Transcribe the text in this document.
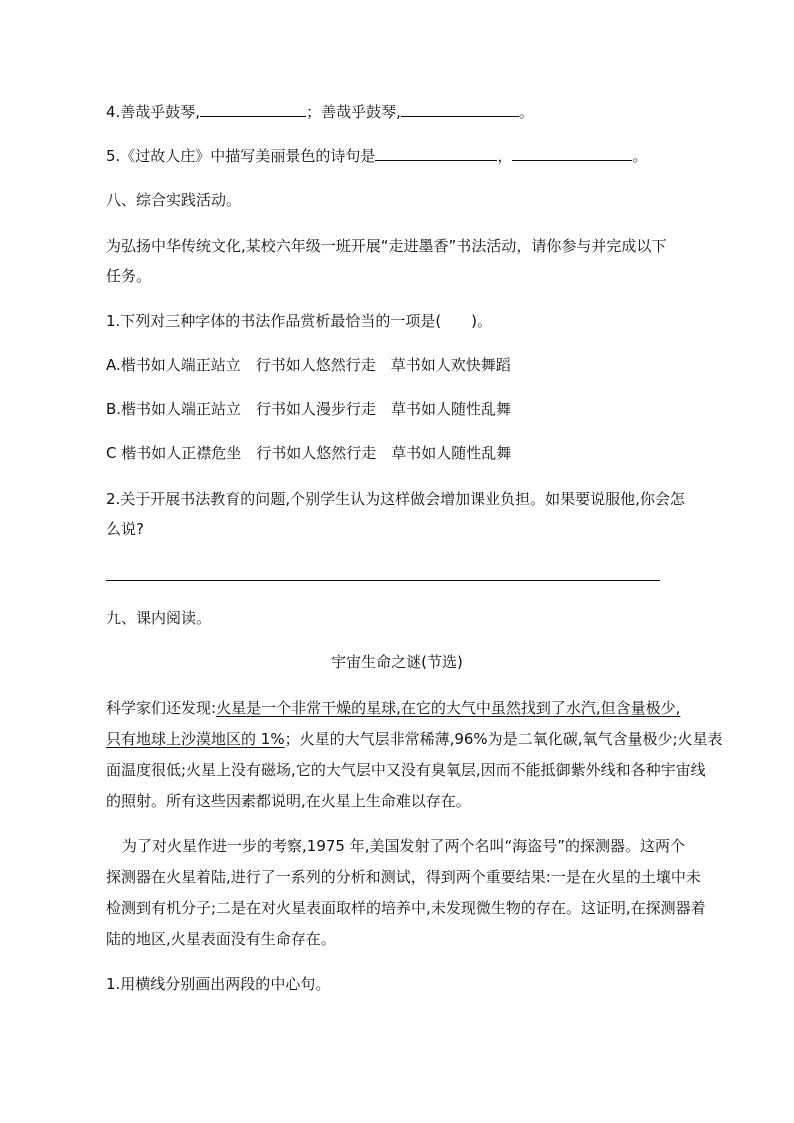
4.善哉乎鼓琴,	；善哉乎鼓琴,	。
5.《过故人庄》中描写美丽景色的诗句是	，	。
八、综合实践活动。
为弘扬中华传统文化,某校六年级一班开展“走进墨香”书法活动，请你参与并完成以下
任务。
1.下列对三种字体的书法作品赏析最恰当的一项是(　　)。
A.楷书如人端正站立　行书如人悠然行走　草书如人欢快舞蹈
B.楷书如人端正站立　行书如人漫步行走　草书如人随性乱舞
C 楷书如人正襟危坐　行书如人悠然行走　草书如人随性乱舞
2.关于开展书法教育的问题,个别学生认为这样做会增加课业负担。如果要说服他,你会怎
么说?
九、课内阅读。
宇宙生命之谜(节选)
科学家们还发现:火星是一个非常干燥的星球,在它的大气中虽然找到了水汽,但含量极少,
只有地球上沙漠地区的 1%；火星的大气层非常稀薄,96%为是二氧化碳,氧气含量极少;火星表
面温度很低;火星上没有磁场,它的大气层中又没有臭氧层,因而不能抵御紫外线和各种宇宙线
的照射。所有这些因素都说明,在火星上生命难以存在。
为了对火星作进一步的考察,1975 年,美国发射了两个名叫“海盗号”的探测器。这两个
探测器在火星着陆,进行了一系列的分析和测试，得到两个重要结果:一是在火星的土壤中未
检测到有机分子;二是在对火星表面取样的培养中,未发现微生物的存在。这证明,在探测器着
陆的地区,火星表面没有生命存在。
1.用横线分别画出两段的中心句。
